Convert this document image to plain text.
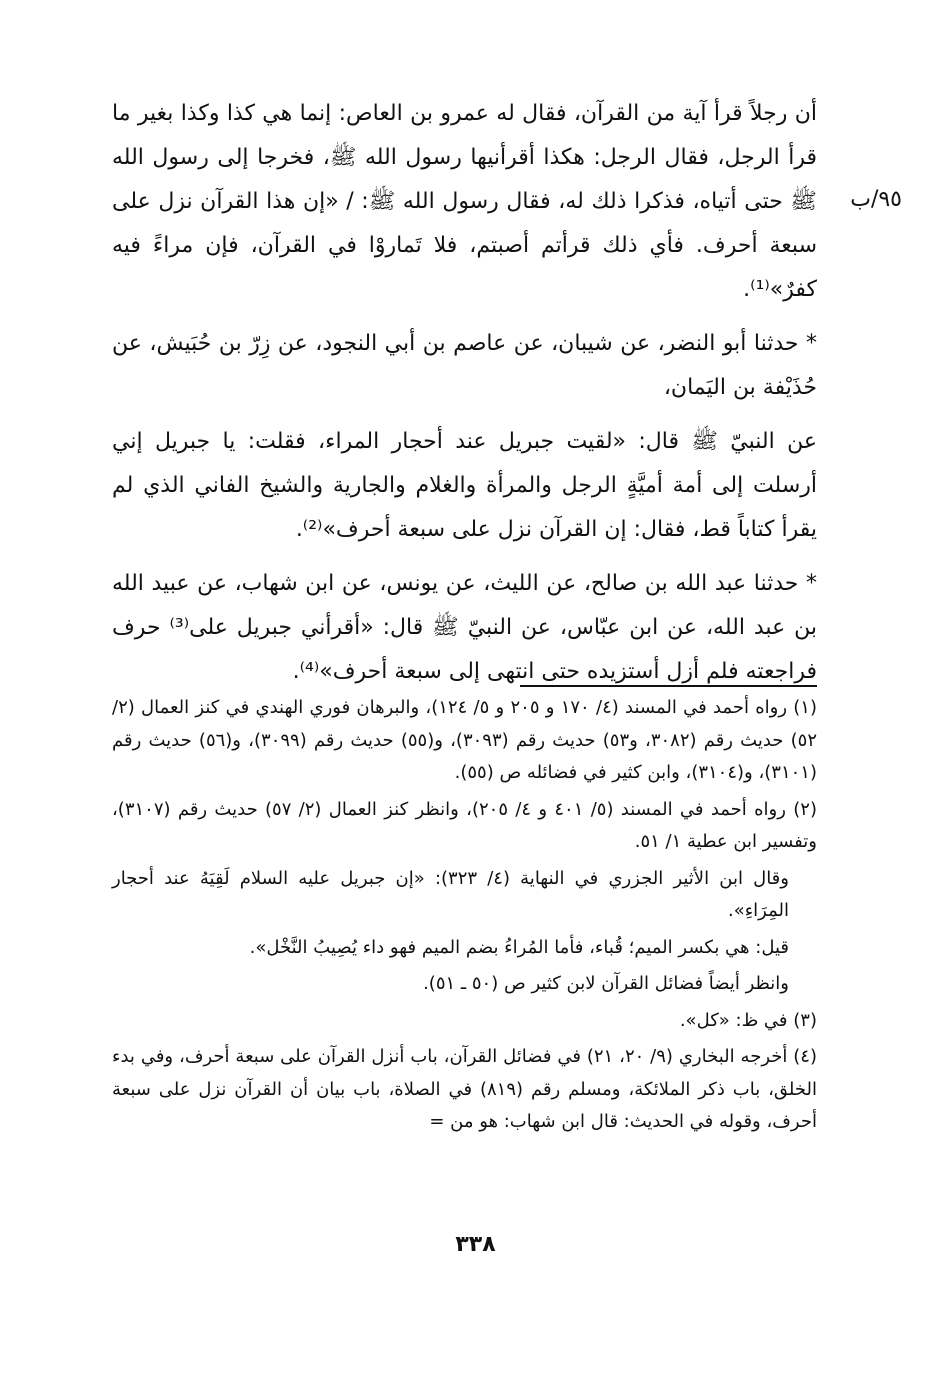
٩٥/ب

أن رجلاً قرأ آية من القرآن، فقال له عمرو بن العاص: إنما هي كذا وكذا بغير ما قرأ الرجل، فقال الرجل: هكذا أقرأنيها رسول الله ﷺ، فخرجا إلى رسول الله ﷺ حتى أتياه، فذكرا ذلك له، فقال رسول الله ﷺ: / «إن هذا القرآن نزل على سبعة أحرف. فأي ذلك قرأتم أصبتم، فلا تَماروْا في القرآن، فإن مراءً فيه كفرٌ»⁽¹⁾.

* حدثنا أبو النضر، عن شيبان، عن عاصم بن أبي النجود، عن زِرّ بن حُبَيش، عن حُذَيْفة بن اليَمان،

عن النبيّ ﷺ قال: «لقيت جبريل عند أحجار المراء، فقلت: يا جبريل إني أرسلت إلى أمة أميَّةٍ الرجل والمرأة والغلام والجارية والشيخ الفاني الذي لم يقرأ كتاباً قط، فقال: إن القرآن نزل على سبعة أحرف»⁽²⁾.

* حدثنا عبد الله بن صالح، عن الليث، عن يونس، عن ابن شهاب، عن عبيد الله بن عبد الله، عن ابن عبّاس، عن النبيّ ﷺ قال: «أقرأني جبريل على⁽³⁾ حرف فراجعته فلم أزل أستزيده حتى انتهى إلى سبعة أحرف»⁽⁴⁾.

(١) رواه أحمد في المسند (٤/ ١٧٠ و ٢٠٥ و ٥/ ١٢٤)، والبرهان فوري الهندي في كنز العمال (٢/ ٥٢) حديث رقم (٣٠٨٢، و٥٣) حديث رقم (٣٠٩٣)، و(٥٥) حديث رقم (٣٠٩٩)، و(٥٦) حديث رقم (٣١٠١)، و(٣١٠٤)، وابن كثير في فضائله ص (٥٥).

(٢) رواه أحمد في المسند (٥/ ٤٠١ و ٤/ ٢٠٥)، وانظر كنز العمال (٢/ ٥٧) حديث رقم (٣١٠٧)، وتفسير ابن عطية ١/ ٥١.

وقال ابن الأثير الجزري في النهاية (٤/ ٣٢٣): «إن جبريل عليه السلام لَقِيَهُ عند أحجار المِرَاءِ».

قيل: هي بكسر الميم؛ قُباء، فأما المُراءُ بضم الميم فهو داء يُصِيبُ النَّخْل».

وانظر أيضاً فضائل القرآن لابن كثير ص (٥٠ ـ ٥١).

(٣) في ظ: «كل».

(٤) أخرجه البخاري (٩/ ٢٠، ٢١) في فضائل القرآن، باب أنزل القرآن على سبعة أحرف، وفي بدء الخلق، باب ذكر الملائكة، ومسلم رقم (٨١٩) في الصلاة، باب بيان أن القرآن نزل على سبعة أحرف، وقوله في الحديث: قال ابن شهاب: هو من =

٣٣٨
